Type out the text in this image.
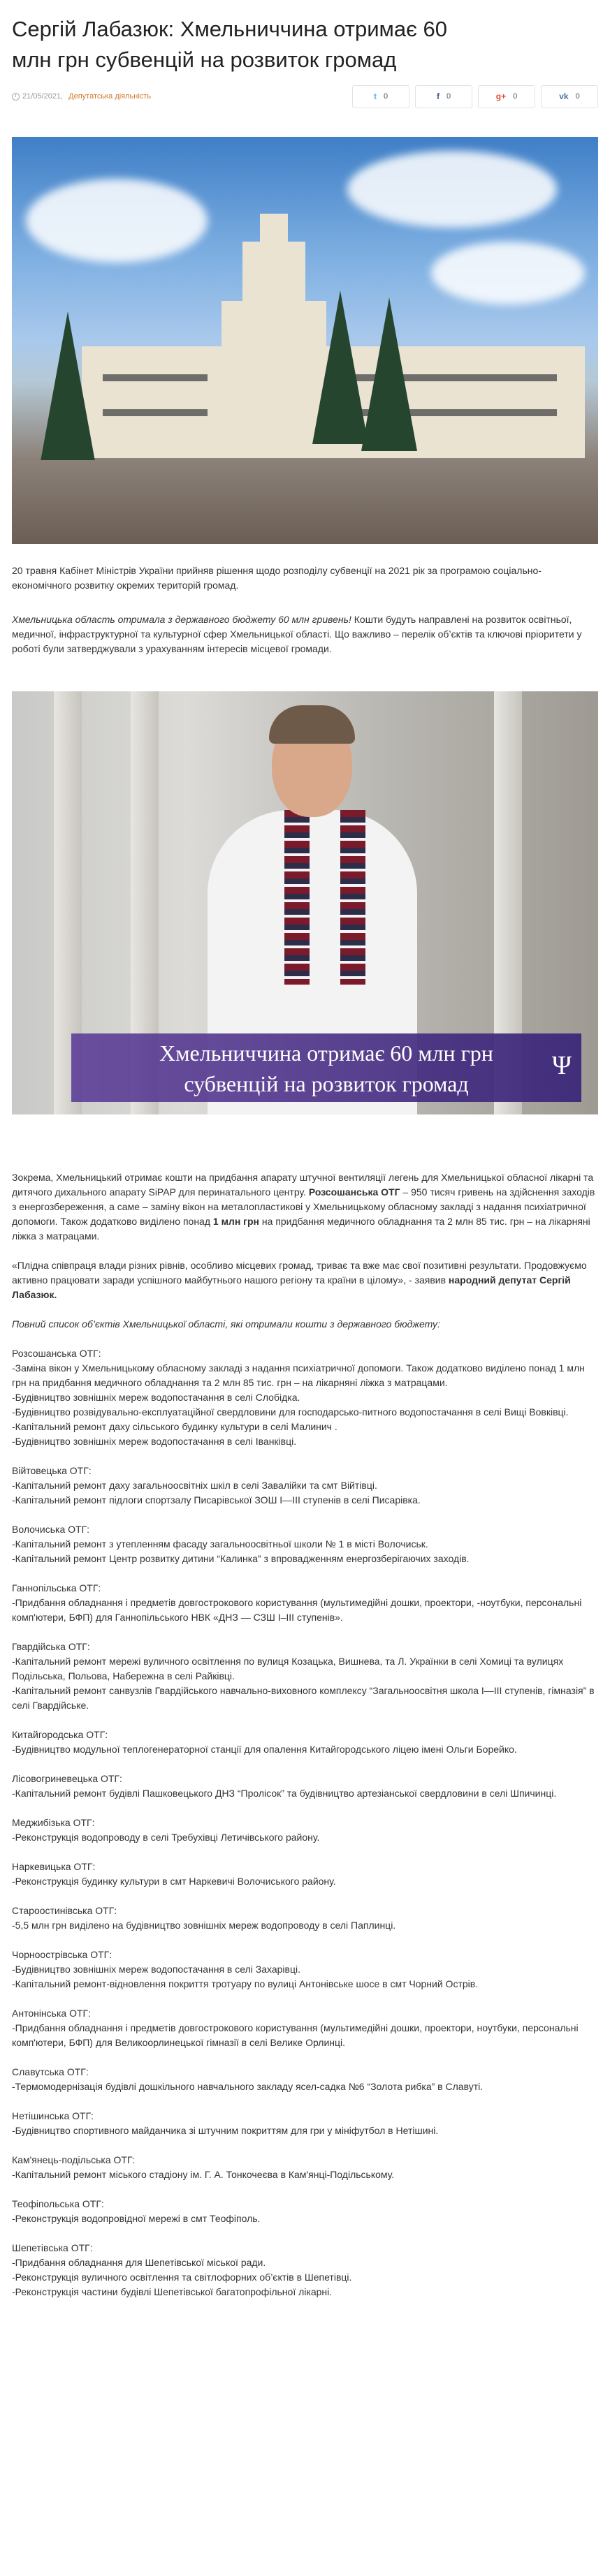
Сергій Лабазюк: Хмельниччина отримає 60 млн грн субвенцій на розвиток громад
21/05/2021, Депутатська діяльність	t 0	f 0	g+ 0	vk 0

20 травня Кабінет Міністрів України прийняв рішення щодо розподілу субвенції на 2021 рік за програмою соціально-економічного розвитку окремих територій громад.

Хмельницька область отримала з державного бюджету 60 млн гривень! Кошти будуть направлені на розвиток освітньої, медичної, інфраструктурної та культурної сфер Хмельницької області. Що важливо – перелік об’єктів та ключові пріоритети у роботі були затверджували з урахуванням інтересів місцевої громади.

Хмельниччина отримає 60 млн грн
субвенцій на розвиток громад
Ψ

Зокрема, Хмельницький отримає кошти на придбання апарату штучної вентиляції легень для Хмельницької обласної лікарні та дитячого дихального апарату SiPAP для перинатального центру. Розсошанська ОТГ – 950 тисяч гривень на здійснення заходів з енергозбереження, а саме – заміну вікон на металопластикові у Хмельницькому обласному закладі з надання психіатричної допомоги. Також додатково виділено понад 1 млн грн на придбання медичного обладнання та 2 млн 85 тис. грн – на лікарняні ліжка з матрацами.

«Плідна співпраця влади різних рівнів, особливо місцевих громад, триває та вже має свої позитивні результати. Продовжуємо активно працювати заради успішного майбутнього нашого регіону та країни в цілому», - заявив народний депутат Сергій Лабазюк.

Повний список об’єктів Хмельницької області, які отримали кошти з державного бюджету:

Розсошанська ОТГ:
-Заміна вікон у Хмельницькому обласному закладі з надання психіатричної допомоги. Також додатково виділено понад 1 млн грн на придбання медичного обладнання та 2 млн 85 тис. грн – на лікарняні ліжка з матрацами.
-Будівництво зовнішніх мереж водопостачання в селі Слобідка.
-Будівництво розвідувально-експлуатаційної свердловини для господарсько-питного водопостачання в селі Вищі Вовківці.
-Капітальний ремонт даху сільського будинку культури в селі Малинич .
-Будівництво зовнішніх мереж водопостачання в селі Іванківці.
Війтовецька ОТГ:
-Капітальний ремонт даху загальноосвітніх шкіл в селі Завалійки та смт Війтівці.
-Капітальний ремонт підлоги спортзалу Писарівської ЗОШ І—ІІІ ступенів в селі Писарівка.
Волочиська ОТГ:
-Капітальний ремонт з утепленням фасаду загальноосвітньої школи № 1 в місті Волочиськ.
-Капітальний ремонт Центр розвитку дитини “Калинка” з впровадженням енергозберігаючих заходів.
Ганнопільська ОТГ:
-Придбання обладнання і предметів довгострокового користування (мультимедійні дошки, проектори, -ноутбуки, персональні комп'ютери, БФП) для Ганнопільського НВК «ДНЗ — СЗШ І–ІІІ ступенів».
Гвардійська ОТГ:
-Капітальний ремонт мережі вуличного освітлення по вулиця Козацька, Вишнева, та Л. Українки в селі Хомиці та вулицях Подільська, Польова, Набережна в селі Райківці.
-Капітальний ремонт санвузлів Гвардійського навчально-виховного комплексу “Загальноосвітня школа І—ІІІ ступенів, гімназія” в селі Гвардійське.
Китайгородська ОТГ:
-Будівництво модульної теплогенераторної станції для опалення Китайгородського ліцею імені Ольги Борейко.
Лісовогриневецька ОТГ:
-Капітальний ремонт будівлі Пашковецького ДНЗ “Пролісок” та будівництво артезіанської свердловини в селі Шпичинці.
Меджибізька ОТГ:
-Реконструкція водопроводу в селі Требухівці Летичівського району.
Наркевицька ОТГ:
-Реконструкція будинку культури в смт Наркевичі Волочиського району.
Староостинівська ОТГ:
-5,5 млн грн виділено на будівництво зовнішніх мереж водопроводу в селі Паплинці.
Чорноострівська ОТГ:
-Будівництво зовнішніх мереж водопостачання в селі Захарівці.
-Капітальний ремонт-відновлення покриття тротуару по вулиці Антонівське шосе в смт Чорний Острів.
Антонінська ОТГ:
-Придбання обладнання і предметів довгострокового користування (мультимедійні дошки, проектори, ноутбуки, персональні комп'ютери, БФП) для Великоорлинецької гімназії в селі Велике Орлинці.
Славутська ОТГ:
-Термомодернізація будівлі дошкільного навчального закладу ясел-садка №6 “Золота рибка” в Славуті.
Нетішинська ОТГ:
-Будівництво спортивного майданчика зі штучним покриттям для гри у мініфутбол в Нетішині.
Кам'янець-подільська ОТГ:
-Капітальний ремонт міського стадіону ім. Г. А. Тонкочеєва в Кам'янці-Подільському.
Теофіпольська ОТГ:
-Реконструкція водопровідної мережі в смт Теофіполь.
Шепетівська ОТГ:
-Придбання обладнання для Шепетівської міської ради.
-Реконструкція вуличного освітлення та світлофорних об’єктів в Шепетівці.
-Реконструкція частини будівлі Шепетівської багатопрофільної лікарні.
